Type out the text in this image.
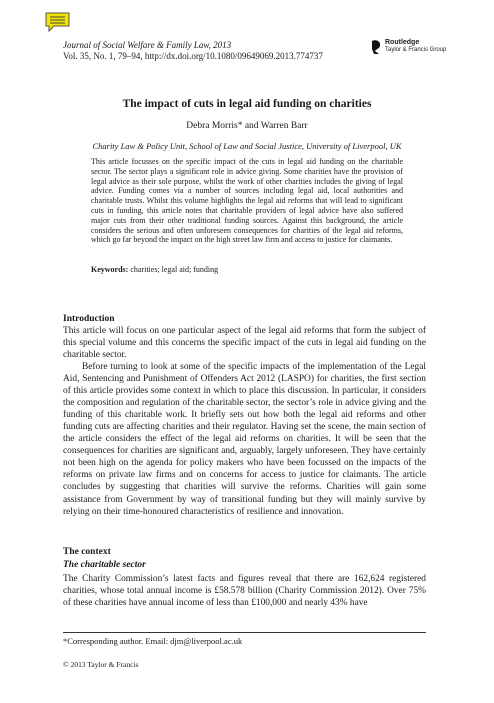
Journal of Social Welfare & Family Law, 2013
Vol. 35, No. 1, 79–94, http://dx.doi.org/10.1080/09649069.2013.774737
Routledge
Taylor & Francis Group
The impact of cuts in legal aid funding on charities
Debra Morris* and Warren Barr
Charity Law & Policy Unit, School of Law and Social Justice, University of Liverpool, UK
This article focusses on the specific impact of the cuts in legal aid funding on the charitable sector. The sector plays a significant role in advice giving. Some charities have the provision of legal advice as their sole purpose, whilst the work of other charities includes the giving of legal advice. Funding comes via a number of sources including legal aid, local authorities and charitable trusts. Whilst this volume highlights the legal aid reforms that will lead to significant cuts in funding, this article notes that charitable providers of legal advice have also suffered major cuts from their other traditional funding sources. Against this background, the article considers the serious and often unforeseen consequences for charities of the legal aid reforms, which go far beyond the impact on the high street law firm and access to justice for claimants.
Keywords: charities; legal aid; funding
Introduction
This article will focus on one particular aspect of the legal aid reforms that form the subject of this special volume and this concerns the specific impact of the cuts in legal aid funding on the charitable sector.
Before turning to look at some of the specific impacts of the implementation of the Legal Aid, Sentencing and Punishment of Offenders Act 2012 (LASPO) for charities, the first section of this article provides some context in which to place this discussion. In particular, it considers the composition and regulation of the charitable sector, the sector’s role in advice giving and the funding of this charitable work. It briefly sets out how both the legal aid reforms and other funding cuts are affecting charities and their regulator. Having set the scene, the main section of the article considers the effect of the legal aid reforms on charities. It will be seen that the consequences for charities are significant and, arguably, largely unforeseen. They have certainly not been high on the agenda for policy makers who have been focussed on the impacts of the reforms on private law firms and on concerns for access to justice for claimants. The article concludes by suggesting that charities will survive the reforms. Charities will gain some assistance from Government by way of transitional funding but they will mainly survive by relying on their time-honoured characteristics of resilience and innovation.
The context
The charitable sector
The Charity Commission’s latest facts and figures reveal that there are 162,624 registered charities, whose total annual income is £58.578 billion (Charity Commission 2012). Over 75% of these charities have annual income of less than £100,000 and nearly 43% have
*Corresponding author. Email: djm@liverpool.ac.uk
© 2013 Taylor & Francis
